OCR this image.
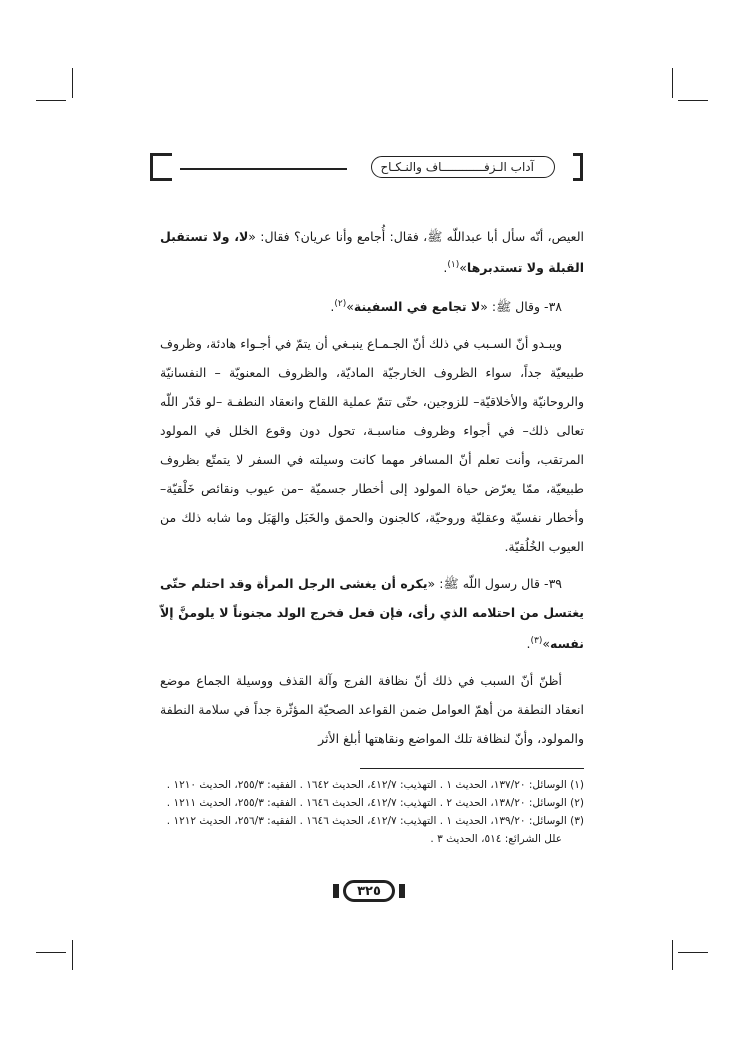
آداب الـزفــــــــــــاف والنـكـاح

العيص، أنّه سأل أبا عبداللّه ﷺ، فقال: أُجامع وأنا عريان؟ فقال: «لا، ولا تستقبل القبلة ولا تستدبرها»$^{(١)}$.

٣٨- وقال ﷺ: «لا تجامع في السفينة»$^{(٢)}$.

ويبـدو أنّ السـبب في ذلك أنّ الجـمـاع ينبـغي أن يتمّ في أجـواء هادئة، وظروف طبيعيّة جداً، سواء الظروف الخارجيّة الماديّة، والظروف المعنويّة – النفسانيّة والروحانيّة والأخلاقيّة– للزوجين، حتّى تتمّ عملية اللقاح وانعقاد النطفـة –لو قدّر اللّه تعالى ذلك– في أجواء وظروف مناسبـة، تحول دون وقوع الخلل في المولود المرتقب، وأنت تعلم أنّ المسافر مهما كانت وسيلته في السفر لا يتمتّع بظروف طبيعيّة، ممّا يعرّض حياة المولود إلى أخطار جسميّة –من عيوب ونقائص خَلْقيّة– وأخطار نفسيّة وعقليّة وروحيّة، كالجنون والحمق والخَبَل والهَبَل وما شابه ذلك من العيوب الخُلُقيّة.

٣٩- قال رسول اللّه ﷺ: «يكره أن يغشى الرجل المرأة وقد احتلم حتّى يغتسل من احتلامه الذي رأى، فإن فعل فخرج الولد مجنوناً لا يلومنَّ إلاّ نفسه»$^{(٣)}$.

أظنّ أنّ السبب في ذلك أنّ نظافة الفرج وآلة القذف ووسيلة الجماع موضع انعقاد النطفة من أهمّ العوامل ضمن القواعد الصحيّة المؤثّرة جداً في سلامة النطفة والمولود، وأنّ لنظافة تلك المواضع ونقاهتها أبلغ الأثر

(١) الوسائل: ١٣٧/٢٠، الحديث ١ . التهذيب: ٤١٢/٧، الحديث ١٦٤٢ . الفقيه: ٢٥٥/٣، الحديث ١٢١٠ .

(٢) الوسائل: ١٣٨/٢٠، الحديث ٢ . التهذيب: ٤١٢/٧، الحديث ١٦٤٦ . الفقيه: ٢٥٥/٣، الحديث ١٢١١ .

(٣) الوسائل: ١٣٩/٢٠، الحديث ١ . التهذيب: ٤١٢/٧، الحديث ١٦٤٦ . الفقيه: ٢٥٦/٣، الحديث ١٢١٢ . علل الشرائع: ٥١٤، الحديث ٣ .

٣٢٥
